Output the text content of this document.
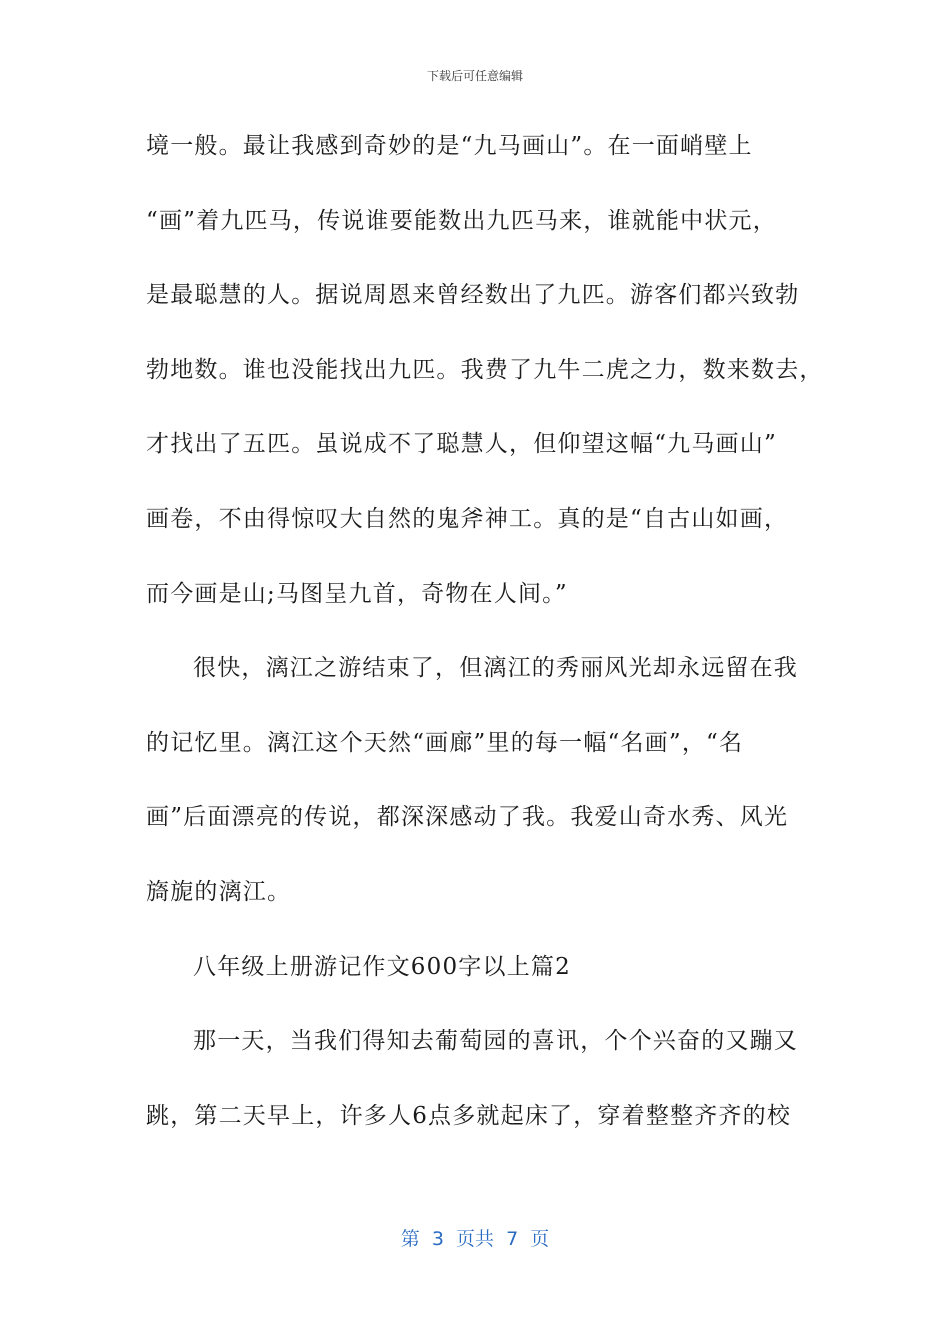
下载后可任意编辑
境一般。最让我感到奇妙的是“九马画山”。在一面峭壁上
“画”着九匹马，传说谁要能数出九匹马来，谁就能中状元，
是最聪慧的人。据说周恩来曾经数出了九匹。游客们都兴致勃
勃地数。谁也没能找出九匹。我费了九牛二虎之力，数来数去，
才找出了五匹。虽说成不了聪慧人，但仰望这幅“九马画山”
画卷，不由得惊叹大自然的鬼斧神工。真的是“自古山如画，
而今画是山;马图呈九首，奇物在人间。”
很快，漓江之游结束了，但漓江的秀丽风光却永远留在我
的记忆里。漓江这个天然“画廊”里的每一幅“名画”，“名
画”后面漂亮的传说，都深深感动了我。我爱山奇水秀、风光
旖旎的漓江。
八年级上册游记作文600字以上篇2
那一天，当我们得知去葡萄园的喜讯，个个兴奋的又蹦又
跳，第二天早上，许多人6点多就起床了，穿着整整齐齐的校
第  3  页共  7  页
